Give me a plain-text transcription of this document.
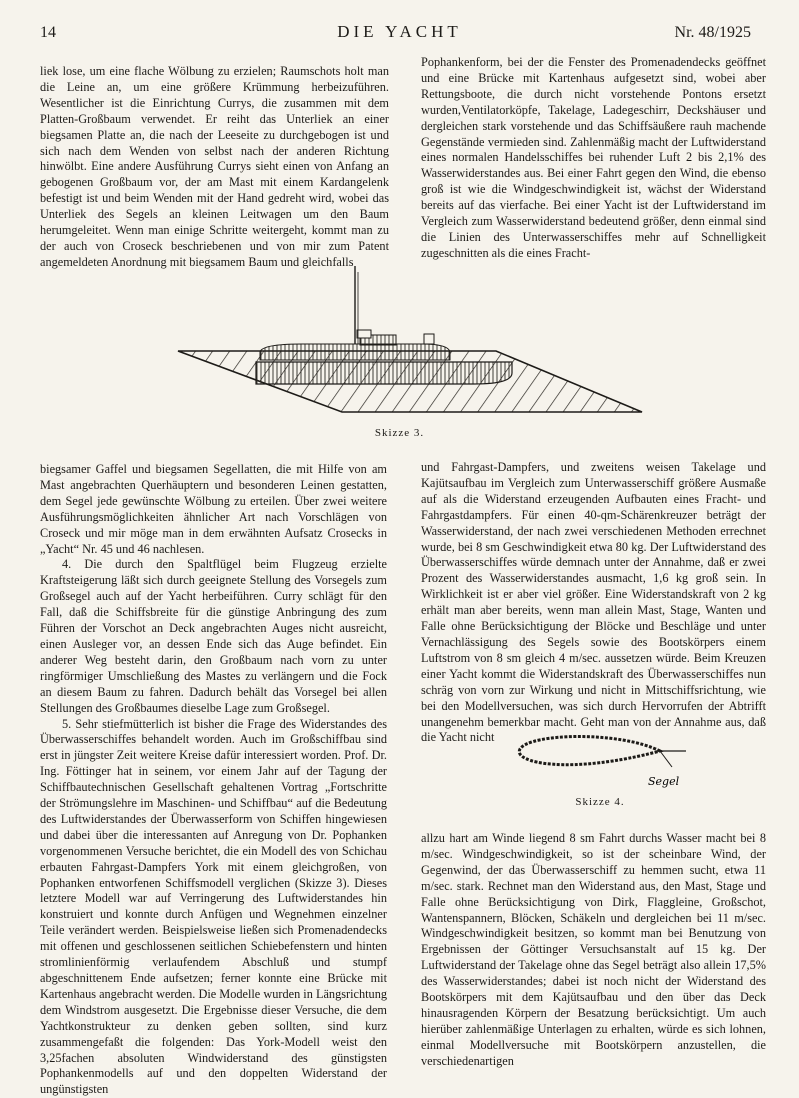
14	DIE YACHT	Nr. 48/1925

liek lose, um eine flache Wölbung zu erzielen; Raumschots holt man die Leine an, um eine größere Krümmung herbeizuführen. Wesentlicher ist die Einrichtung Currys, die zusammen mit dem Platten-Großbaum verwendet. Er reiht das Unterliek an einer biegsamen Platte an, die nach der Leeseite zu durchgebogen ist und sich nach dem Wenden von selbst nach der anderen Richtung hinwölbt. Eine andere Ausführung Currys sieht einen von Anfang an gebogenen Großbaum vor, der am Mast mit einem Kardangelenk befestigt ist und beim Wenden mit der Hand gedreht wird, wobei das Unterliek des Segels an kleinen Leitwagen um den Baum herumgeleitet. Wenn man einige Schritte weitergeht, kommt man zu der auch von Croseck beschriebenen und von mir zum Patent angemeldeten Anordnung mit biegsamem Baum und gleichfalls

Pophankenform, bei der die Fenster des Promenadendecks geöffnet und eine Brücke mit Kartenhaus aufgesetzt sind, wobei aber Rettungsboote, die durch nicht vorstehende Pontons ersetzt wurden,Ventilatorköpfe, Takelage, Ladegeschirr, Deckshäuser und dergleichen stark vorstehende und das Schiffsäußere rauh machende Gegenstände vermieden sind. Zahlenmäßig macht der Luftwiderstand eines normalen Handelsschiffes bei ruhender Luft 2 bis 2,1% des Wasserwiderstandes aus. Bei einer Fahrt gegen den Wind, die ebenso groß ist wie die Windgeschwindigkeit ist, wächst der Widerstand bereits auf das vierfache. Bei einer Yacht ist der Luftwiderstand im Vergleich zum Wasserwiderstand bedeutend größer, denn einmal sind die Linien des Unterwasserschiffes mehr auf Schnelligkeit zugeschnitten als die eines Fracht-

Skizze 3.

biegsamer Gaffel und biegsamen Segellatten, die mit Hilfe von am Mast angebrachten Querhäuptern und besonderen Leinen gestatten, dem Segel jede gewünschte Wölbung zu erteilen. Über zwei weitere Ausführungsmöglichkeiten ähnlicher Art nach Vorschlägen von Croseck und mir möge man in dem erwähnten Aufsatz Crosecks in „Yacht“ Nr. 45 und 46 nachlesen.

4. Die durch den Spaltflügel beim Flugzeug erzielte Kraftsteigerung läßt sich durch geeignete Stellung des Vorsegels zum Großsegel auch auf der Yacht herbeiführen. Curry schlägt für den Fall, daß die Schiffsbreite für die günstige Anbringung des zum Führen der Vorschot an Deck angebrachten Auges nicht ausreicht, einen Ausleger vor, an dessen Ende sich das Auge befindet. Ein anderer Weg besteht darin, den Großbaum nach vorn zu unter ringförmiger Umschließung des Mastes zu verlängern und die Fock an diesem Baum zu fahren. Dadurch behält das Vorsegel bei allen Stellungen des Großbaumes dieselbe Lage zum Großsegel.

5. Sehr stiefmütterlich ist bisher die Frage des Widerstandes des Überwasserschiffes behandelt worden. Auch im Großschiffbau sind erst in jüngster Zeit weitere Kreise dafür interessiert worden. Prof. Dr. Ing. Föttinger hat in seinem, vor einem Jahr auf der Tagung der Schiffbautechnischen Gesellschaft gehaltenen Vortrag „Fortschritte der Strömungslehre im Maschinen- und Schiffbau“ auf die Bedeutung des Luftwiderstandes der Überwasserform von Schiffen hingewiesen und dabei über die interessanten auf Anregung von Dr. Pophanken vorgenommenen Versuche berichtet, die ein Modell des von Schichau erbauten Fahrgast-Dampfers York mit einem gleichgroßen, von Pophanken entworfenen Schiffsmodell verglichen (Skizze 3). Dieses letztere Modell war auf Verringerung des Luftwiderstandes hin konstruiert und konnte durch Anfügen und Wegnehmen einzelner Teile verändert werden. Beispielsweise ließen sich Promenadendecks mit offenen und geschlossenen seitlichen Schiebefenstern und hinten stromlinienförmig verlaufendem Abschluß und stumpf abgeschnittenem Ende aufsetzen; ferner konnte eine Brücke mit Kartenhaus angebracht werden. Die Modelle wurden in Längsrichtung dem Windstrom ausgesetzt. Die Ergebnisse dieser Versuche, die dem Yachtkonstrukteur zu denken geben sollten, sind kurz zusammengefaßt die folgenden: Das York-Modell weist den 3,25fachen absoluten Windwiderstand des günstigsten Pophankenmodells auf und den doppelten Widerstand der ungünstigsten

und Fahrgast-Dampfers, und zweitens weisen Takelage und Kajütsaufbau im Vergleich zum Unterwasserschiff größere Ausmaße auf als die Widerstand erzeugenden Aufbauten eines Fracht- und Fahrgastdampfers. Für einen 40-qm-Schärenkreuzer beträgt der Wasserwiderstand, der nach zwei verschiedenen Methoden errechnet wurde, bei 8 sm Geschwindigkeit etwa 80 kg. Der Luftwiderstand des Überwasserschiffes würde demnach unter der Annahme, daß er zwei Prozent des Wasserwiderstandes ausmacht, 1,6 kg groß sein. In Wirklichkeit ist er aber viel größer. Eine Widerstandskraft von 2 kg erhält man aber bereits, wenn man allein Mast, Stage, Wanten und Falle ohne Berücksichtigung der Blöcke und Beschläge und unter Vernachlässigung des Segels sowie des Bootskörpers einem Luftstrom von 8 sm gleich 4 m/sec. aussetzen würde. Beim Kreuzen einer Yacht kommt die Widerstandskraft des Überwasserschiffes nun schräg von vorn zur Wirkung und nicht in Mittschiffsrichtung, wie bei den Modellversuchen, was sich durch Hervorrufen der Abtrifft unangenehm bemerkbar macht. Geht man von der Annahme aus, daß die Yacht nicht

Segel
Skizze 4.

allzu hart am Winde liegend 8 sm Fahrt durchs Wasser macht bei 8 m/sec. Windgeschwindigkeit, so ist der scheinbare Wind, der Gegenwind, der das Überwasserschiff zu hemmen sucht, etwa 11 m/sec. stark. Rechnet man den Widerstand aus, den Mast, Stage und Falle ohne Berücksichtigung von Dirk, Flaggleine, Großschot, Wantenspannern, Blöcken, Schäkeln und dergleichen bei 11 m/sec. Windgeschwindigkeit besitzen, so kommt man bei Benutzung von Ergebnissen der Göttinger Versuchsanstalt auf 15 kg. Der Luftwiderstand der Takelage ohne das Segel beträgt also allein 17,5% des Wasserwiderstandes; dabei ist noch nicht der Widerstand des Bootskörpers mit dem Kajütsaufbau und den über das Deck hinausragenden Körpern der Besatzung berücksichtigt. Um auch hierüber zahlenmäßige Unterlagen zu erhalten, würde es sich lohnen, einmal Modellversuche mit Bootskörpern anzustellen, die verschiedenartigen
